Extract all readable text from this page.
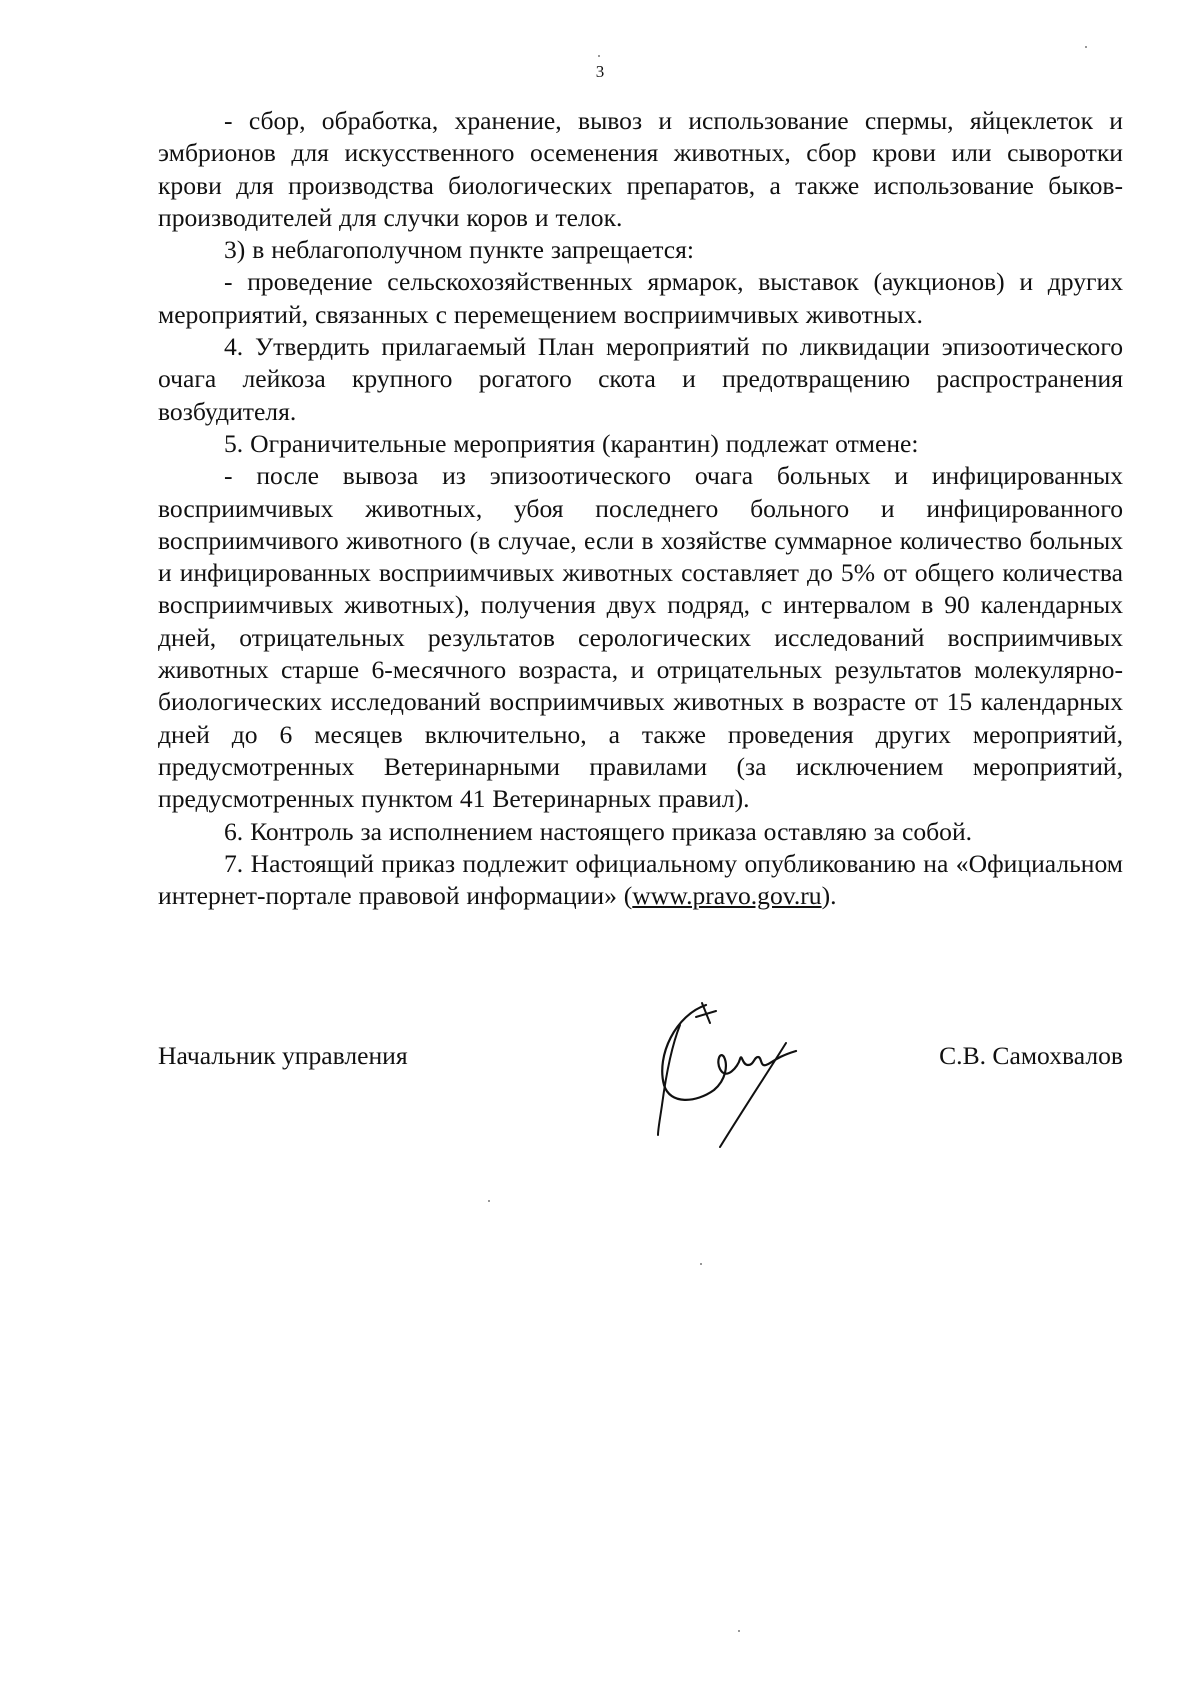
3

- сбор, обработка, хранение, вывоз и использование спермы, яйцеклеток и эмбрионов для искусственного осеменения животных, сбор крови или сыворотки крови для производства биологических препаратов, а также использование быков-производителей для случки коров и телок.

3) в неблагополучном пункте запрещается:

- проведение сельскохозяйственных ярмарок, выставок (аукционов) и других мероприятий, связанных с перемещением восприимчивых животных.

4. Утвердить прилагаемый План мероприятий по ликвидации эпизоотического очага лейкоза крупного рогатого скота и предотвращению распространения возбудителя.

5. Ограничительные мероприятия (карантин) подлежат отмене:

- после вывоза из эпизоотического очага больных и инфицированных восприимчивых животных, убоя последнего больного и инфицированного восприимчивого животного (в случае, если в хозяйстве суммарное количество больных и инфицированных восприимчивых животных составляет до 5% от общего количества восприимчивых животных), получения двух подряд, с интервалом в 90 календарных дней, отрицательных результатов серологических исследований восприимчивых животных старше 6-месячного возраста, и отрицательных результатов молекулярно-биологических исследований восприимчивых животных в возрасте от 15 календарных дней до 6 месяцев включительно, а также проведения других мероприятий, предусмотренных Ветеринарными правилами (за исключением мероприятий, предусмотренных пунктом 41 Ветеринарных правил).

6. Контроль за исполнением настоящего приказа оставляю за собой.

7. Настоящий приказ подлежит официальному опубликованию на «Официальном интернет-портале правовой информации» (www.pravo.gov.ru).

Начальник управления	С.В. Самохвалов
